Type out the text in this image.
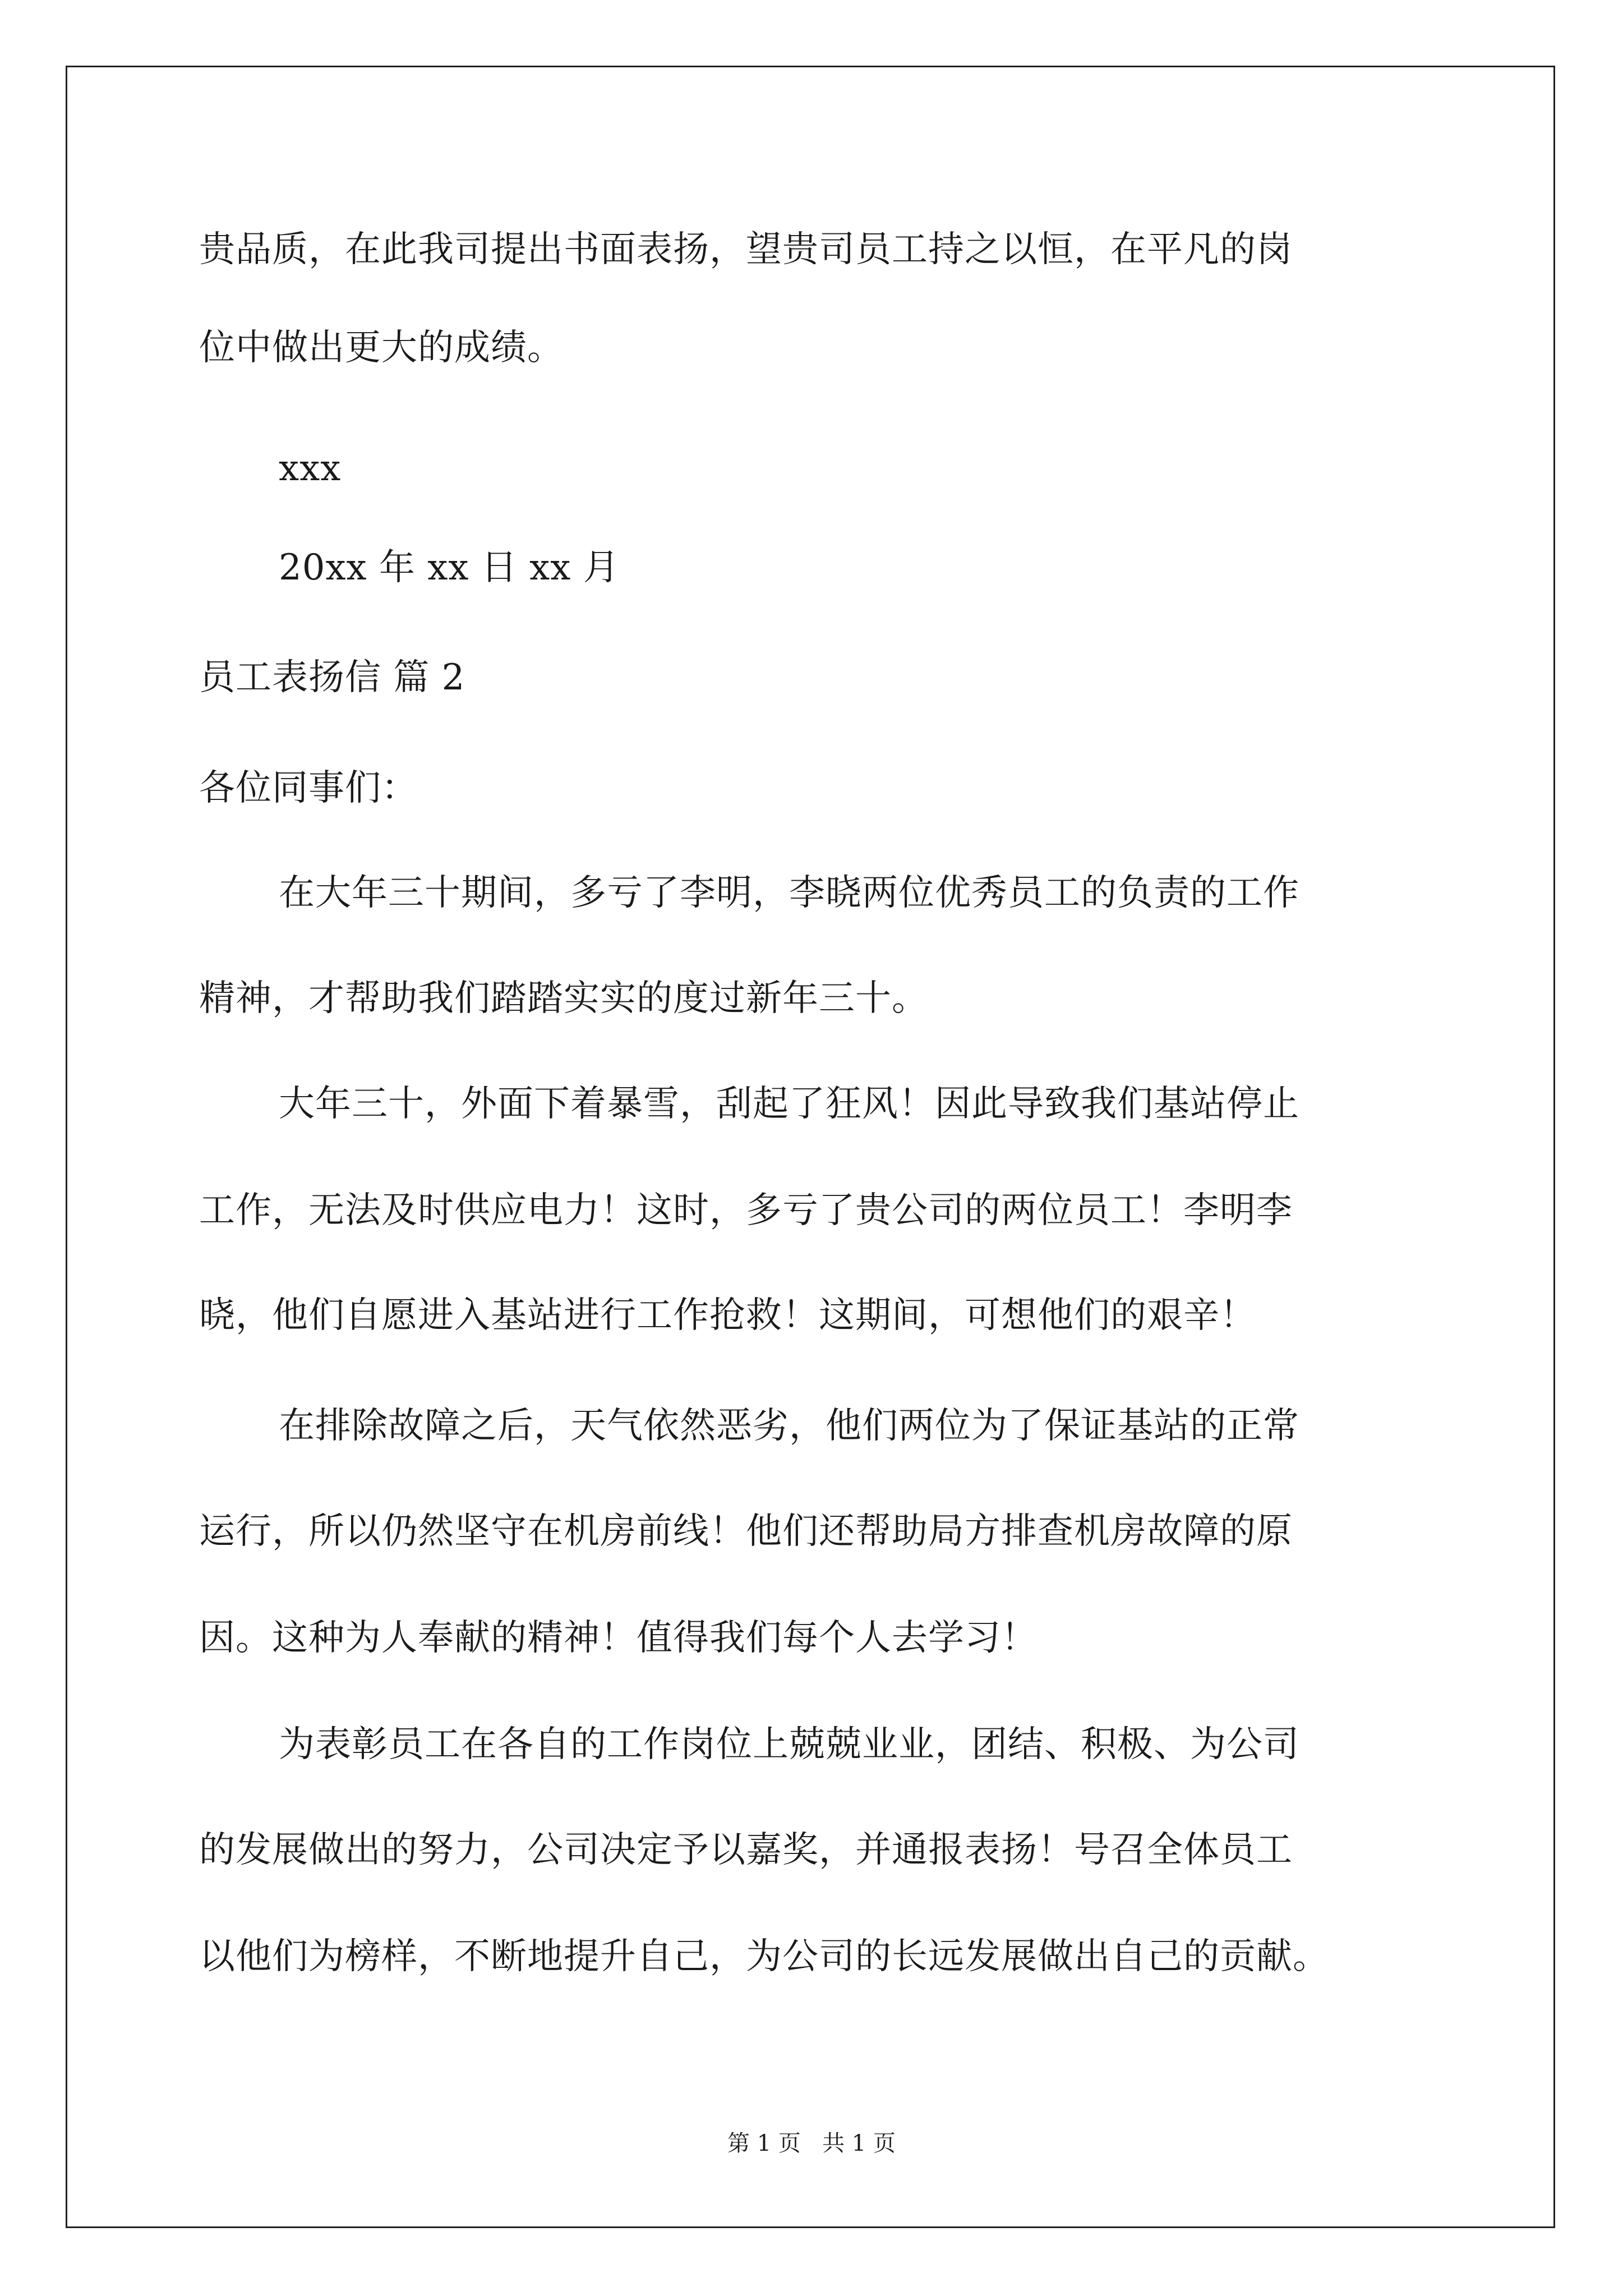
贵品质，在此我司提出书面表扬，望贵司员工持之以恒，在平凡的岗
位中做出更大的成绩。
xxx
20xx 年 xx 日 xx 月
员工表扬信 篇 2
各位同事们：
在大年三十期间，多亏了李明，李晓两位优秀员工的负责的工作
精神，才帮助我们踏踏实实的度过新年三十。
大年三十，外面下着暴雪，刮起了狂风！因此导致我们基站停止
工作，无法及时供应电力！这时，多亏了贵公司的两位员工！李明李
晓，他们自愿进入基站进行工作抢救！这期间，可想他们的艰辛！
在排除故障之后，天气依然恶劣，他们两位为了保证基站的正常
运行，所以仍然坚守在机房前线！他们还帮助局方排查机房故障的原
因。这种为人奉献的精神！值得我们每个人去学习！
为表彰员工在各自的工作岗位上兢兢业业，团结、积极、为公司
的发展做出的努力，公司决定予以嘉奖，并通报表扬！号召全体员工
以他们为榜样，不断地提升自己，为公司的长远发展做出自己的贡献。
第 1 页   共 1 页
